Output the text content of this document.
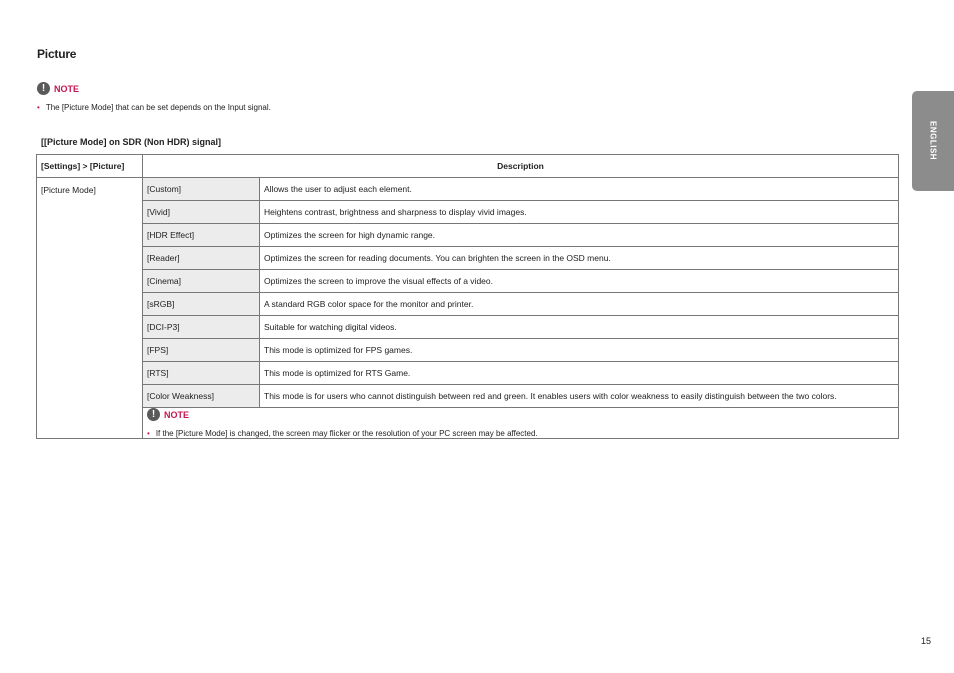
Picture
! NOTE
• The [Picture Mode] that can be set depends on the Input signal.
[[Picture Mode] on SDR (Non HDR) signal]
[Settings] > [Picture]	Description	
[Picture Mode]	[Custom]	Allows the user to adjust each element.
	[Vivid]	Heightens contrast, brightness and sharpness to display vivid images.
	[HDR Effect]	Optimizes the screen for high dynamic range.
	[Reader]	Optimizes the screen for reading documents. You can brighten the screen in the OSD menu.
	[Cinema]	Optimizes the screen to improve the visual effects of a video.
	[sRGB]	A standard RGB color space for the monitor and printer.
	[DCI-P3]	Suitable for watching digital videos.
	[FPS]	This mode is optimized for FPS games.
	[RTS]	This mode is optimized for RTS Game.
	[Color Weakness]	This mode is for users who cannot distinguish between red and green. It enables users with color weakness to easily distinguish between the two colors.

! NOTE
• If the [Picture Mode] is changed, the screen may flicker or the resolution of your PC screen may be affected.	
ENGLISH
15
